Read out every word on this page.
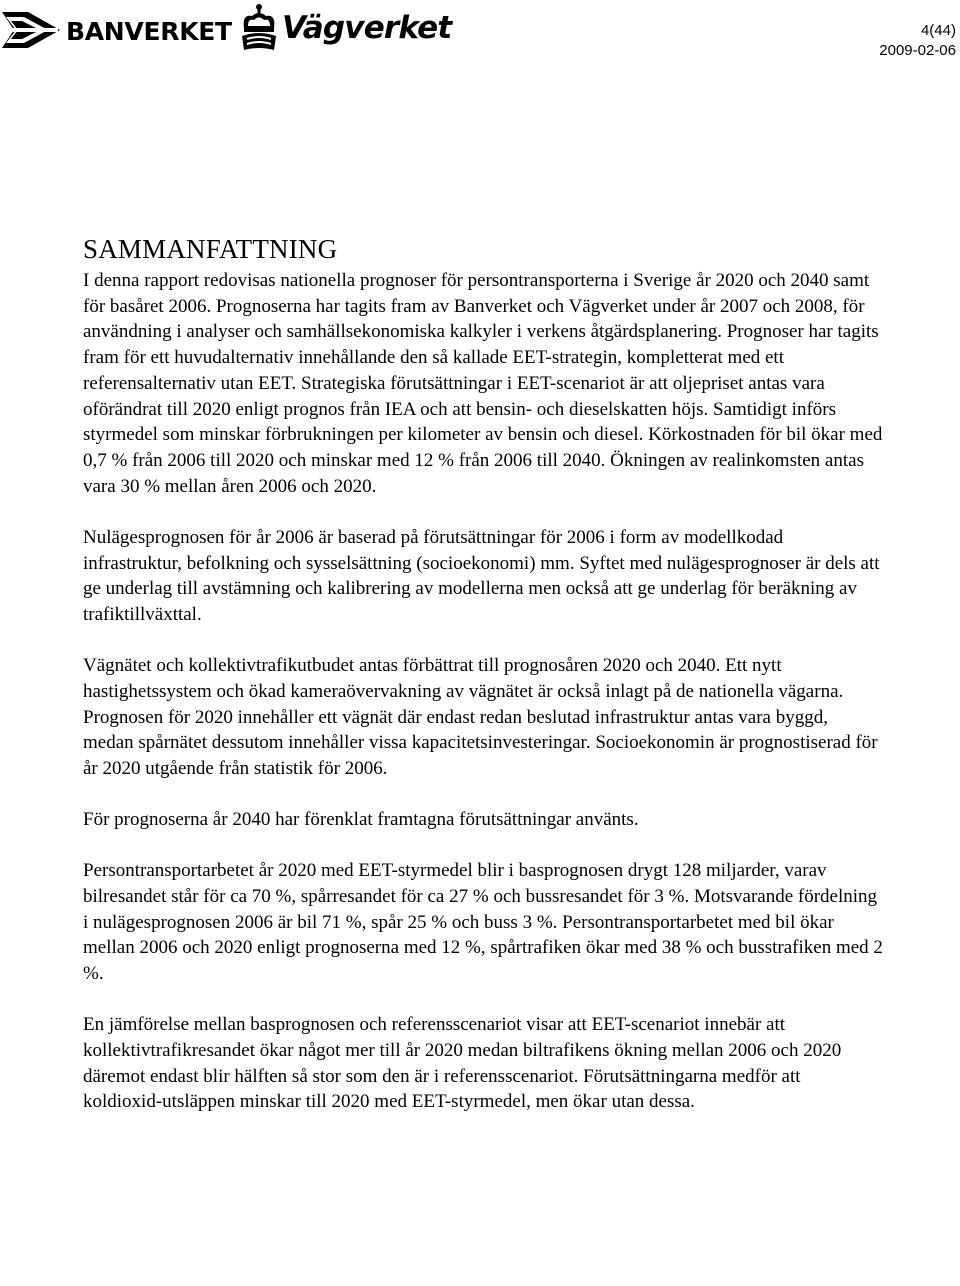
BANVERKET Vägverket	4(44)
2009-02-06
SAMMANFATTNING

I denna rapport redovisas nationella prognoser för persontransporterna i Sverige år 2020 och 2040 samt för basåret 2006. Prognoserna har tagits fram av Banverket och Vägverket under år 2007 och 2008, för användning i analyser och samhällsekonomiska kalkyler i verkens åtgärdsplanering. Prognoser har tagits fram för ett huvudalternativ innehållande den så kallade EET-strategin, kompletterat med ett referensalternativ utan EET. Strategiska förutsättningar i EET-scenariot är att oljepriset antas vara oförändrat till 2020 enligt prognos från IEA och att bensin- och dieselskatten höjs. Samtidigt införs styrmedel som minskar förbrukningen per kilometer av bensin och diesel. Körkostnaden för bil ökar med 0,7 % från 2006 till 2020 och minskar med 12 % från 2006 till 2040. Ökningen av realinkomsten antas vara 30 % mellan åren 2006 och 2020.

Nulägesprognosen för år 2006 är baserad på förutsättningar för 2006 i form av modellkodad infrastruktur, befolkning och sysselsättning (socioekonomi) mm. Syftet med nulägesprognoser är dels att ge underlag till avstämning och kalibrering av modellerna men också att ge underlag för beräkning av trafiktillväxttal.

Vägnätet och kollektivtrafikutbudet antas förbättrat till prognosåren 2020 och 2040. Ett nytt hastighetssystem och ökad kameraövervakning av vägnätet är också inlagt på de nationella vägarna. Prognosen för 2020 innehåller ett vägnät där endast redan beslutad infrastruktur antas vara byggd, medan spårnätet dessutom innehåller vissa kapacitetsinvesteringar. Socioekonomin är prognostiserad för år 2020 utgående från statistik för 2006.

För prognoserna år 2040 har förenklat framtagna förutsättningar använts.

Persontransportarbetet år 2020 med EET-styrmedel blir i basprognosen drygt 128 miljarder, varav bilresandet står för ca 70 %, spårresandet för ca 27 % och bussresandet för 3 %. Motsvarande fördelning i nulägesprognosen 2006 är bil 71 %, spår 25 % och buss 3 %. Persontransportarbetet med bil ökar mellan 2006 och 2020 enligt prognoserna med 12 %, spårtrafiken ökar med 38 % och busstrafiken med 2 %.

En jämförelse mellan basprognosen och referensscenariot visar att EET-scenariot innebär att kollektivtrafikresandet ökar något mer till år 2020 medan biltrafikens ökning mellan 2006 och 2020 däremot endast blir hälften så stor som den är i referensscenariot. Förutsättningarna medför att koldioxid-utsläppen minskar till 2020 med EET-styrmedel, men ökar utan dessa.
